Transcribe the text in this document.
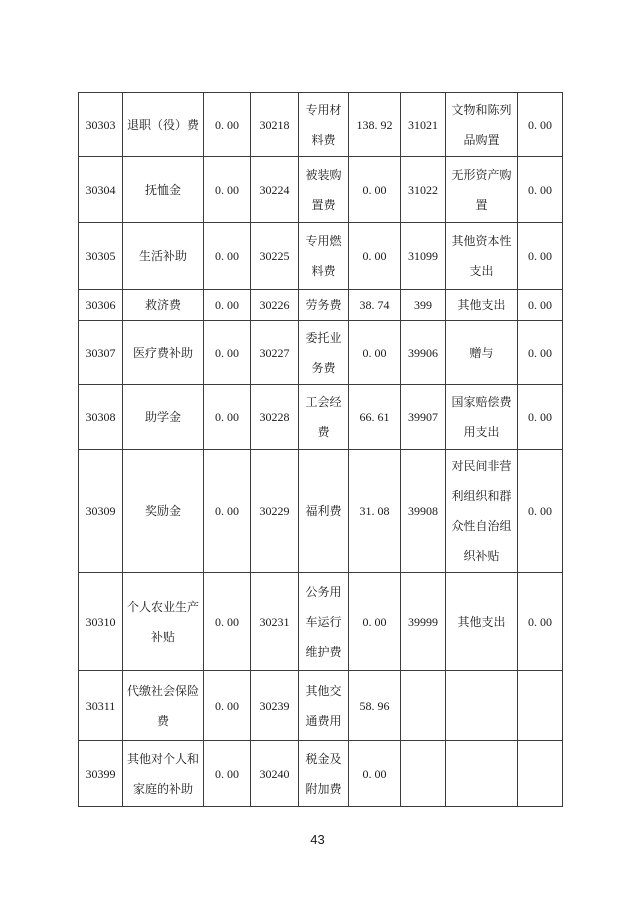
30303	退职（役）费	0. 00	30218	专用材料费	138. 92	31021	文物和陈列品购置	0. 00
30304	抚恤金	0. 00	30224	被装购置费	0. 00	31022	无形资产购置	0. 00
30305	生活补助	0. 00	30225	专用燃料费	0. 00	31099	其他资本性支出	0. 00
30306	救济费	0. 00	30226	劳务费	38. 74	399	其他支出	0. 00
30307	医疗费补助	0. 00	30227	委托业务费	0. 00	39906	赠与	0. 00
30308	助学金	0. 00	30228	工会经费	66. 61	39907	国家赔偿费用支出	0. 00
30309	奖励金	0. 00	30229	福利费	31. 08	39908	对民间非营利组织和群众性自治组织补贴	0. 00
30310	个人农业生产补贴	0. 00	30231	公务用车运行维护费	0. 00	39999	其他支出	0. 00
30311	代缴社会保险费	0. 00	30239	其他交通费用	58. 96			
30399	其他对个人和家庭的补助	0. 00	30240	税金及附加费	0. 00			
43
